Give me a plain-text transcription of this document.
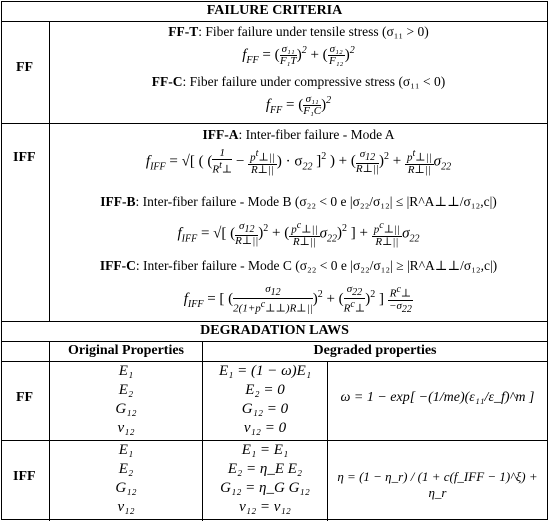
FAILURE CRITERIA
FF
FF-T: Fiber failure under tensile stress (σ₁₁ > 0)
$f_{FF}$ = ( $\frac{\text{σ₁₁}}{\text{F₁T}} )^2$ + ( $\frac{\text{σ₁₂}}{\text{F₁₂}} )^2$
FF-C: Fiber failure under compressive stress (σ₁₁ < 0)
$f_{FF}$ = ( $\frac{\text{σ₁₁}}{\text{F₁C}} )^2$
IFF
IFF-A: Inter-fiber failure - Mode A
$f_{IFF}$ = √[ ( ( $\frac{1}{R^t\perp} - \frac{p^t\perp||}{R\perp||}$ ) · $\sigma_{22}$ ]$^2$ ) + ( $\frac{\sigma_{12}}{R\perp||} )^2 + \frac{p^t\perp||}{R\perp||} \sigma_{22}$
IFF-B: Inter-fiber failure - Mode B (σ₂₂ < 0 e |σ₂₂/σ₁₂| ≤ |R^A⊥⊥/σ₁₂,c|)
$f_{IFF}$ = √[ ( $\frac{\sigma_{12}}{R\perp||} )^2$ + ( $\frac{p^c\perp||}{R\perp||} \sigma_{22})^2$ ] + $\frac{p^c\perp||}{R\perp||} \sigma_{22}$
IFF-C: Inter-fiber failure - Mode C (σ₂₂ < 0 e |σ₂₂/σ₁₂| ≥ |R^A⊥⊥/σ₁₂,c|)
$f_{IFF}$ = [ ( $\frac{\sigma_{12}}{2(1+p^c\perp\perp)R\perp||} )^2$ + ( $\frac{\sigma_{22}}{R^c\perp} )^2$ ] $\frac{R^c\perp}{-\sigma_{22}}$
DEGRADATION LAWS
Original Properties	Degraded properties
FF
E₁
E₂
G₁₂
ν₁₂
E₁ = (1 − ω)E₁
E₂ = 0
G₁₂ = 0
ν₁₂ = 0
ω = 1 − exp[ −(1/me)(ε₁₁/ε_f)^m ]
IFF
E₁
E₂
G₁₂
ν₁₂
E₁ = E₁
E₂ = η_E E₂
G₁₂ = η_G G₁₂
ν₁₂ = ν₁₂
η = (1 − η_r) / (1 + c(f_IFF − 1)^ξ) + η_r
